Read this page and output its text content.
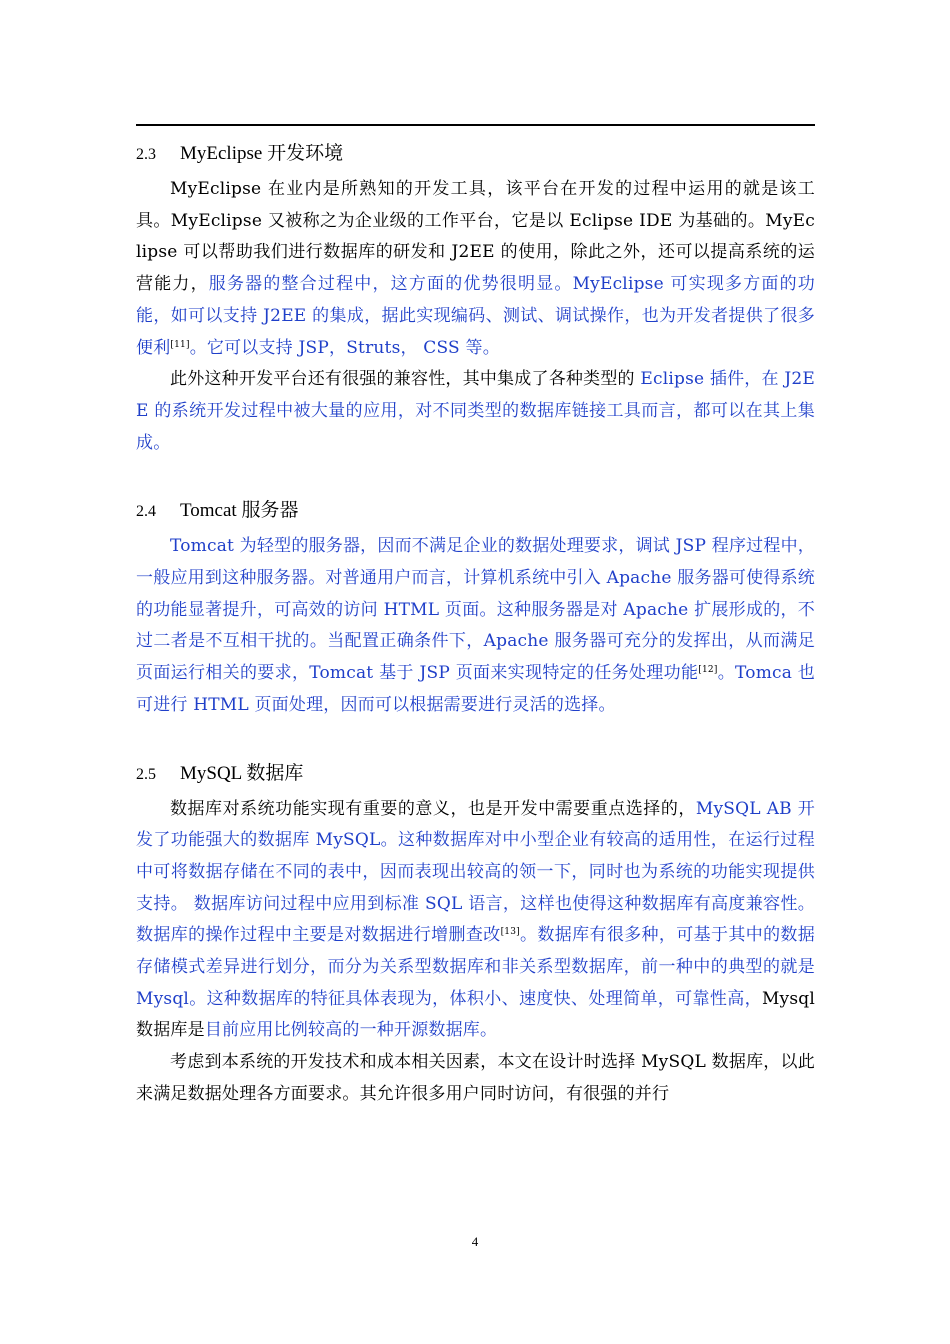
2.3 MyEclipse 开发环境

MyEclipse 在业内是所熟知的开发工具，该平台在开发的过程中运用的就是该工具。MyEclipse 又被称之为企业级的工作平台，它是以 Eclipse IDE 为基础的。MyEclipse 可以帮助我们进行数据库的研发和 J2EE 的使用，除此之外，还可以提高系统的运营能力，服务器的整合过程中，这方面的优势很明显。MyEclipse 可实现多方面的功能，如可以支持 J2EE 的集成，据此实现编码、测试、调试操作，也为开发者提供了很多便利[11]。它可以支持 JSP，Struts， CSS 等。

此外这种开发平台还有很强的兼容性，其中集成了各种类型的 Eclipse 插件，在 J2EE 的系统开发过程中被大量的应用，对不同类型的数据库链接工具而言，都可以在其上集成。

2.4 Tomcat 服务器

Tomcat 为轻型的服务器，因而不满足企业的数据处理要求，调试 JSP 程序过程中，一般应用到这种服务器。对普通用户而言，计算机系统中引入 Apache 服务器可使得系统的功能显著提升，可高效的访问 HTML 页面。这种服务器是对 Apache 扩展形成的，不过二者是不互相干扰的。当配置正确条件下，Apache 服务器可充分的发挥出，从而满足页面运行相关的要求，Tomcat 基于 JSP 页面来实现特定的任务处理功能[12]。Tomca 也可进行 HTML 页面处理，因而可以根据需要进行灵活的选择。

2.5 MySQL 数据库

数据库对系统功能实现有重要的意义，也是开发中需要重点选择的，MySQL AB 开发了功能强大的数据库 MySQL。这种数据库对中小型企业有较高的适用性，在运行过程中可将数据存储在不同的表中，因而表现出较高的领一下，同时也为系统的功能实现提供支持。 数据库访问过程中应用到标准 SQL 语言，这样也使得这种数据库有高度兼容性。数据库的操作过程中主要是对数据进行增删查改[13]。数据库有很多种，可基于其中的数据存储模式差异进行划分，而分为关系型数据库和非关系型数据库，前一种中的典型的就是 Mysql。这种数据库的特征具体表现为，体积小、速度快、处理简单，可靠性高，Mysql 数据库是目前应用比例较高的一种开源数据库。

考虑到本系统的开发技术和成本相关因素，本文在设计时选择 MySQL 数据库，以此来满足数据处理各方面要求。其允许很多用户同时访问，有很强的并行

4
